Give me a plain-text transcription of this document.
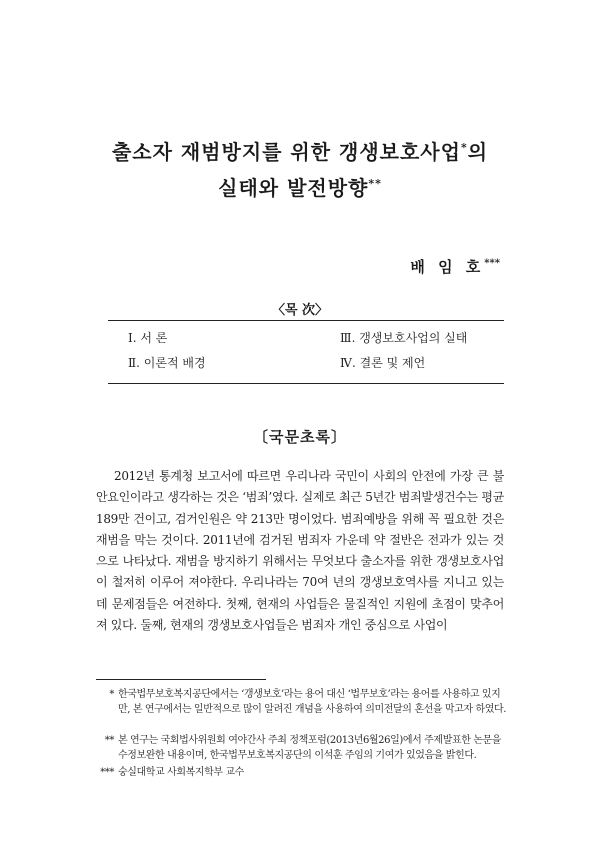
출소자 재범방지를 위한 갱생보호사업*의
실태와 발전방향**
배 임 호***
〈목 次〉
Ⅰ. 서 론	Ⅲ. 갱생보호사업의 실태
Ⅱ. 이론적 배경	Ⅳ. 결론 및 제언
〔국문초록〕

2012년 통계청 보고서에 따르면 우리나라 국민이 사회의 안전에 가장 큰 불안요인이라고 생각하는 것은 ‘범죄’였다. 실제로 최근 5년간 범죄발생건수는 평균 189만 건이고, 검거인원은 약 213만 명이었다. 범죄예방을 위해 꼭 필요한 것은 재범을 막는 것이다. 2011년에 검거된 범죄자 가운데 약 절반은 전과가 있는 것으로 나타났다. 재범을 방지하기 위해서는 무엇보다 출소자를 위한 갱생보호사업이 철저히 이루어 져야한다. 우리나라는 70여 년의 갱생보호역사를 지니고 있는데 문제점들은 여전하다. 첫째, 현재의 사업들은 물질적인 지원에 초점이 맞추어져 있다. 둘째, 현재의 갱생보호사업들은 범죄자 개인 중심으로 사업이

* 한국법무보호복지공단에서는 ‘갱생보호’라는 용어 대신 ‘법무보호’라는 용어를 사용하고 있지만, 본 연구에서는 일반적으로 많이 알려진 개념을 사용하여 의미전달의 혼선을 막고자 하였다.
** 본 연구는 국회법사위원회 여야간사 주최 정책포럼(2013년6월26일)에서 주제발표한 논문을 수정보완한 내용이며, 한국법무보호복지공단의 이석훈 주임의 기여가 있었음을 밝힌다.
*** 숭실대학교 사회복지학부 교수
